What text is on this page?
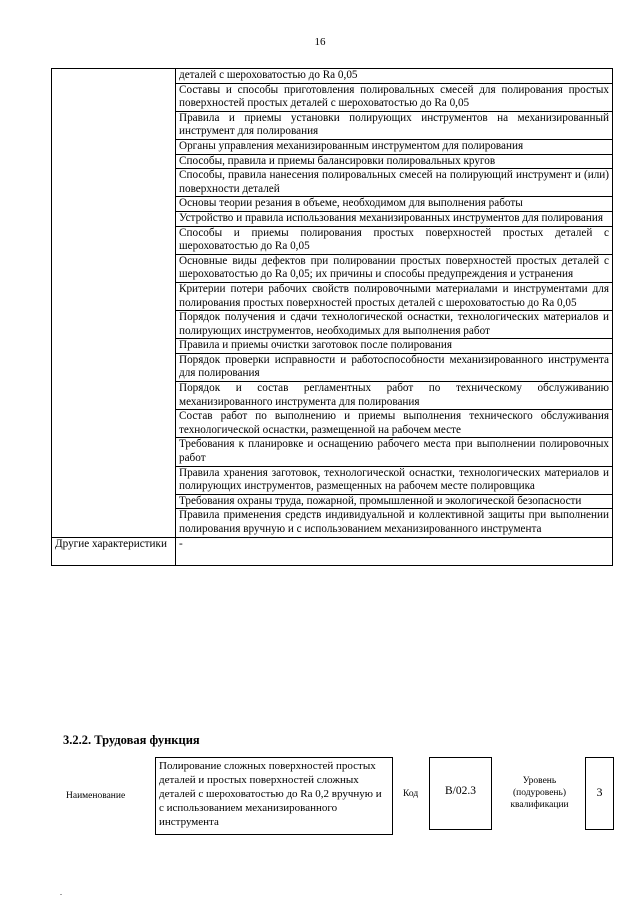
16
	деталей с шероховатостью до Ra 0,05
	Составы и способы приготовления полировальных смесей для полирования простых поверхностей простых деталей с шероховатостью до Ra 0,05
	Правила и приемы установки полирующих инструментов на механизированный инструмент для полирования
	Органы управления механизированным инструментом для полирования
	Способы, правила и приемы балансировки полировальных кругов
	Способы, правила нанесения полировальных смесей на полирующий инструмент и (или) поверхности деталей
	Основы теории резания в объеме, необходимом для выполнения работы
	Устройство и правила использования механизированных инструментов для полирования
	Способы и приемы полирования простых поверхностей простых деталей с шероховатостью до Ra 0,05
	Основные виды дефектов при полировании простых поверхностей простых деталей с шероховатостью до Ra 0,05; их причины и способы предупреждения и устранения
	Критерии потери рабочих свойств полировочными материалами и инструментами для полирования простых поверхностей простых деталей с шероховатостью до Ra 0,05
	Порядок получения и сдачи технологической оснастки, технологических материалов и полирующих инструментов, необходимых для выполнения работ
	Правила и приемы очистки заготовок после полирования
	Порядок проверки исправности и работоспособности механизированного инструмента для полирования
	Порядок и состав регламентных работ по техническому обслуживанию механизированного инструмента для полирования
	Состав работ по выполнению и приемы выполнения технического обслуживания технологической оснастки, размещенной на рабочем месте
	Требования к планировке и оснащению рабочего места при выполнении полировочных работ
	Правила хранения заготовок, технологической оснастки, технологических материалов и полирующих инструментов, размещенных на рабочем месте полировщика
	Требования охраны труда, пожарной, промышленной и экологической безопасности
	Правила применения средств индивидуальной и коллективной защиты при выполнении полирования вручную и с использованием механизированного инструмента
Другие характеристики	-
3.2.2. Трудовая функция
Наименование
Полирование сложных поверхностей простых деталей и простых поверхностей сложных деталей с шероховатостью до Ra 0,2 вручную и с использованием механизированного инструмента
Код	B/02.3
Уровень (подуровень) квалификации
3
.
